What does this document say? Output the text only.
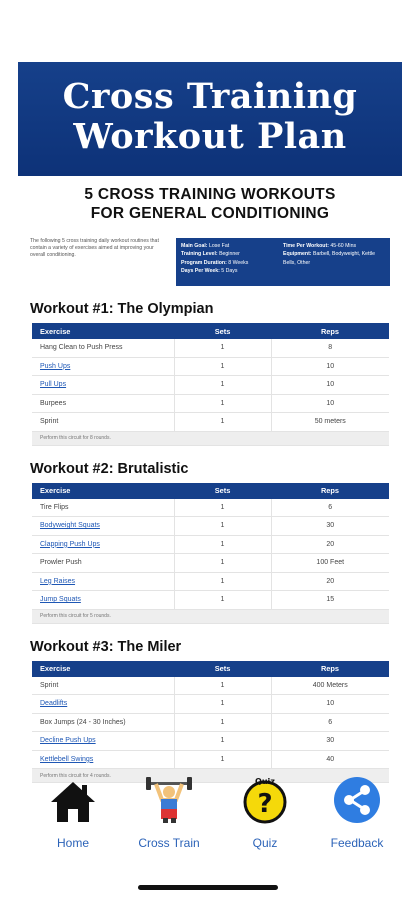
Cross Training
Workout Plan
5 CROSS TRAINING WORKOUTS
FOR GENERAL CONDITIONING
The following 5 cross training daily workout routines that contain a variety of exercises aimed at improving your overall conditioning.
Main Goal: Lose Fat
Training Level: Beginner
Program Duration: 8 Weeks
Days Per Week: 5 Days
Time Per Workout: 45-60 Mins
Equipment: Barbell, Bodyweight, Kettle Bells, Other
Workout #1: The Olympian
Exercise	Sets	Reps
Hang Clean to Push Press	1	8
Push Ups	1	10
Pull Ups	1	10
Burpees	1	10
Sprint	1	50 meters
Perform this circuit for 8 rounds.		
Workout #2: Brutalistic
Exercise	Sets	Reps
Tire Flips	1	6
Bodyweight Squats	1	30
Clapping Push Ups	1	20
Prowler Push	1	100 Feet
Leg Raises	1	20
Jump Squats	1	15
Perform this circuit for 5 rounds.		
Workout #3: The Miler
Exercise	Sets	Reps
Sprint	1	400 Meters
Deadlifts	1	10
Box Jumps (24 - 30 Inches)	1	6
Decline Push Ups	1	30
Kettlebell Swings	1	40
Perform this circuit for 4 rounds.		
Home	Cross Train
Quiz
?
Quiz	Feedback
